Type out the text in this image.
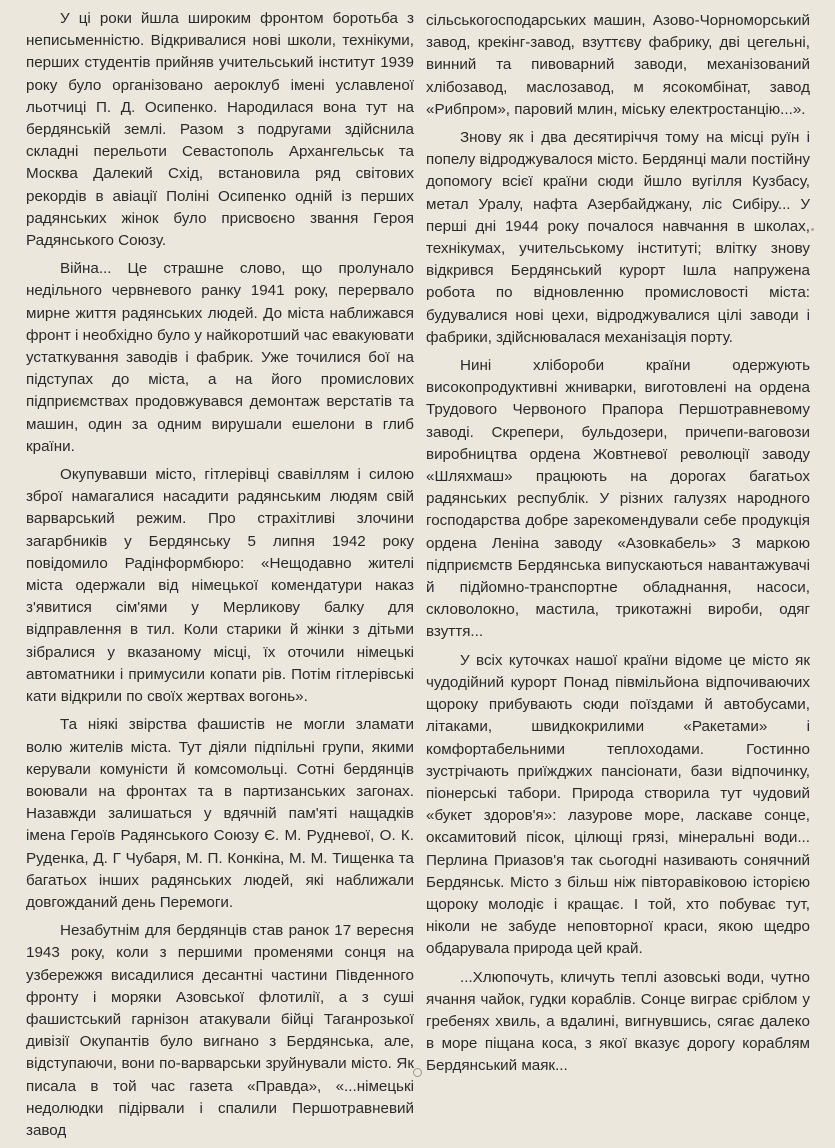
У ці роки йшла широким фронтом боротьба з неписьменністю. Відкривалися нові школи, технікуми, перших студентів прийняв учительський інститут 1939 року було організовано аероклуб імені уславленої льотчиці П. Д. Осипенко. Народилася вона тут на бердянській землі. Разом з подругами здійснила складні перельоти Севастополь Архангельськ та Москва Далекий Схід, встановила ряд світових рекордів в авіації Поліні Осипенко одній із перших радянських жінок було присвоєно звання Героя Радянського Союзу.

Війна... Це страшне слово, що пролунало недільного червневого ранку 1941 року, перервало мирне життя радянських людей. До міста наближався фронт і необхідно було у найкоротший час евакуювати устаткування заводів і фабрик. Уже точилися бої на підступах до міста, а на його промислових підприємствах продовжувався демонтаж верстатів та машин, один за одним вирушали ешелони в глиб країни.

Окупувавши місто, гітлерівці свавіллям і силою зброї намагалися насадити радянським людям свій варварський режим. Про страхітливі злочини загарбників у Бердянську 5 липня 1942 року повідомило Радінформбюро: «Нещодавно жителі міста одержали від німецької комендатури наказ з'явитися сім'ями у Мерликову балку для відправлення в тил. Коли старики й жінки з дітьми зібралися у вказаному місці, їх оточили німецькі автоматники і примусили копати рів. Потім гітлерівські кати відкрили по своїх жертвах вогонь».

Та ніякі звірства фашистів не могли зламати волю жителів міста. Тут діяли підпільні групи, якими керували комуністи й комсомольці. Сотні бердянців воювали на фронтах та в партизанських загонах. Назавжди залишаться у вдячній пам'яті нащадків імена Героїв Радянського Союзу Є. М. Рудневої, О. К. Руденка, Д. Г Чубаря, М. П. Конкіна, М. М. Тищенка та багатьох інших радянських людей, які наближали довгожданий день Перемоги.

Незабутнім для бердянців став ранок 17 вересня 1943 року, коли з першими променями сонця на узбережжя висадилися десантні частини Південного фронту і моряки Азовської флотилії, а з суші фашистський гарнізон атакували бійці Таганрозької дивізії Окупантів було вигнано з Бердянська, але, відступаючи, вони по-варварськи зруйнували місто. Як писала в той час газета «Правда», «...німецькі недолюдки підірвали і спалили Першотравневий завод

сільськогосподарських машин, Азово-Чорноморський завод, крекінг-завод, взуттєву фабрику, дві цегельні, винний та пивоварний заводи, механізований хлібозавод, маслозавод, м ясокомбінат, завод «Рибпром», паровий млин, міську електростанцію...».

Знову як і два десятиріччя тому на місці руїн і попелу відроджувалося місто. Бердянці мали постійну допомогу всієї країни сюди йшло вугілля Кузбасу, метал Уралу, нафта Азербайджану, ліс Сибіру... У перші дні 1944 року почалося навчання в школах, технікумах, учительському інституті; влітку знову відкрився Бердянський курорт Ішла напружена робота по відновленню промисловості міста: будувалися нові цехи, відроджувалися цілі заводи і фабрики, здійснювалася механізація порту.

Нині хлібороби країни одержують високопродуктивні жниварки, виготовлені на ордена Трудового Червоного Прапора Першотравневому заводі. Скрепери, бульдозери, причепи-ваговози виробництва ордена Жовтневої революції заводу «Шляхмаш» працюють на дорогах багатьох радянських республік. У різних галузях народного господарства добре зарекомендували себе продукція ордена Леніна заводу «Азовкабель» З маркою підприємств Бердянська випускаються навантажувачі й підйомно-транспортне обладнання, насоси, скловолокно, мастила, трикотажні вироби, одяг взуття...

У всіх куточках нашої країни відоме це місто як чудодійний курорт Понад півмільйона відпочиваючих щороку прибувають сюди поїздами й автобусами, літаками, швидкокрилими «Ракетами» і комфортабельними теплоходами. Гостинно зустрічають приїжджих пансіонати, бази відпочинку, піонерські табори. Природа створила тут чудовий «букет здоров'я»: лазурове море, ласкаве сонце, оксамитовий пісок, цілющі грязі, мінеральні води... Перлина Приазов'я так сьогодні називають сонячний Бердянськ. Місто з більш ніж півторавіковою історією щороку молодіє і кращає. І той, хто побуває тут, ніколи не забуде неповторної краси, якою щедро обдарувала природа цей край.

...Хлюпочуть, кличуть теплі азовські води, чутно ячання чайок, гудки кораблів. Сонце виграє сріблом у гребенях хвиль, а вдалині, вигнувшись, сягає далеко в море піщана коса, з якої вказує дорогу кораблям Бердянський маяк...
